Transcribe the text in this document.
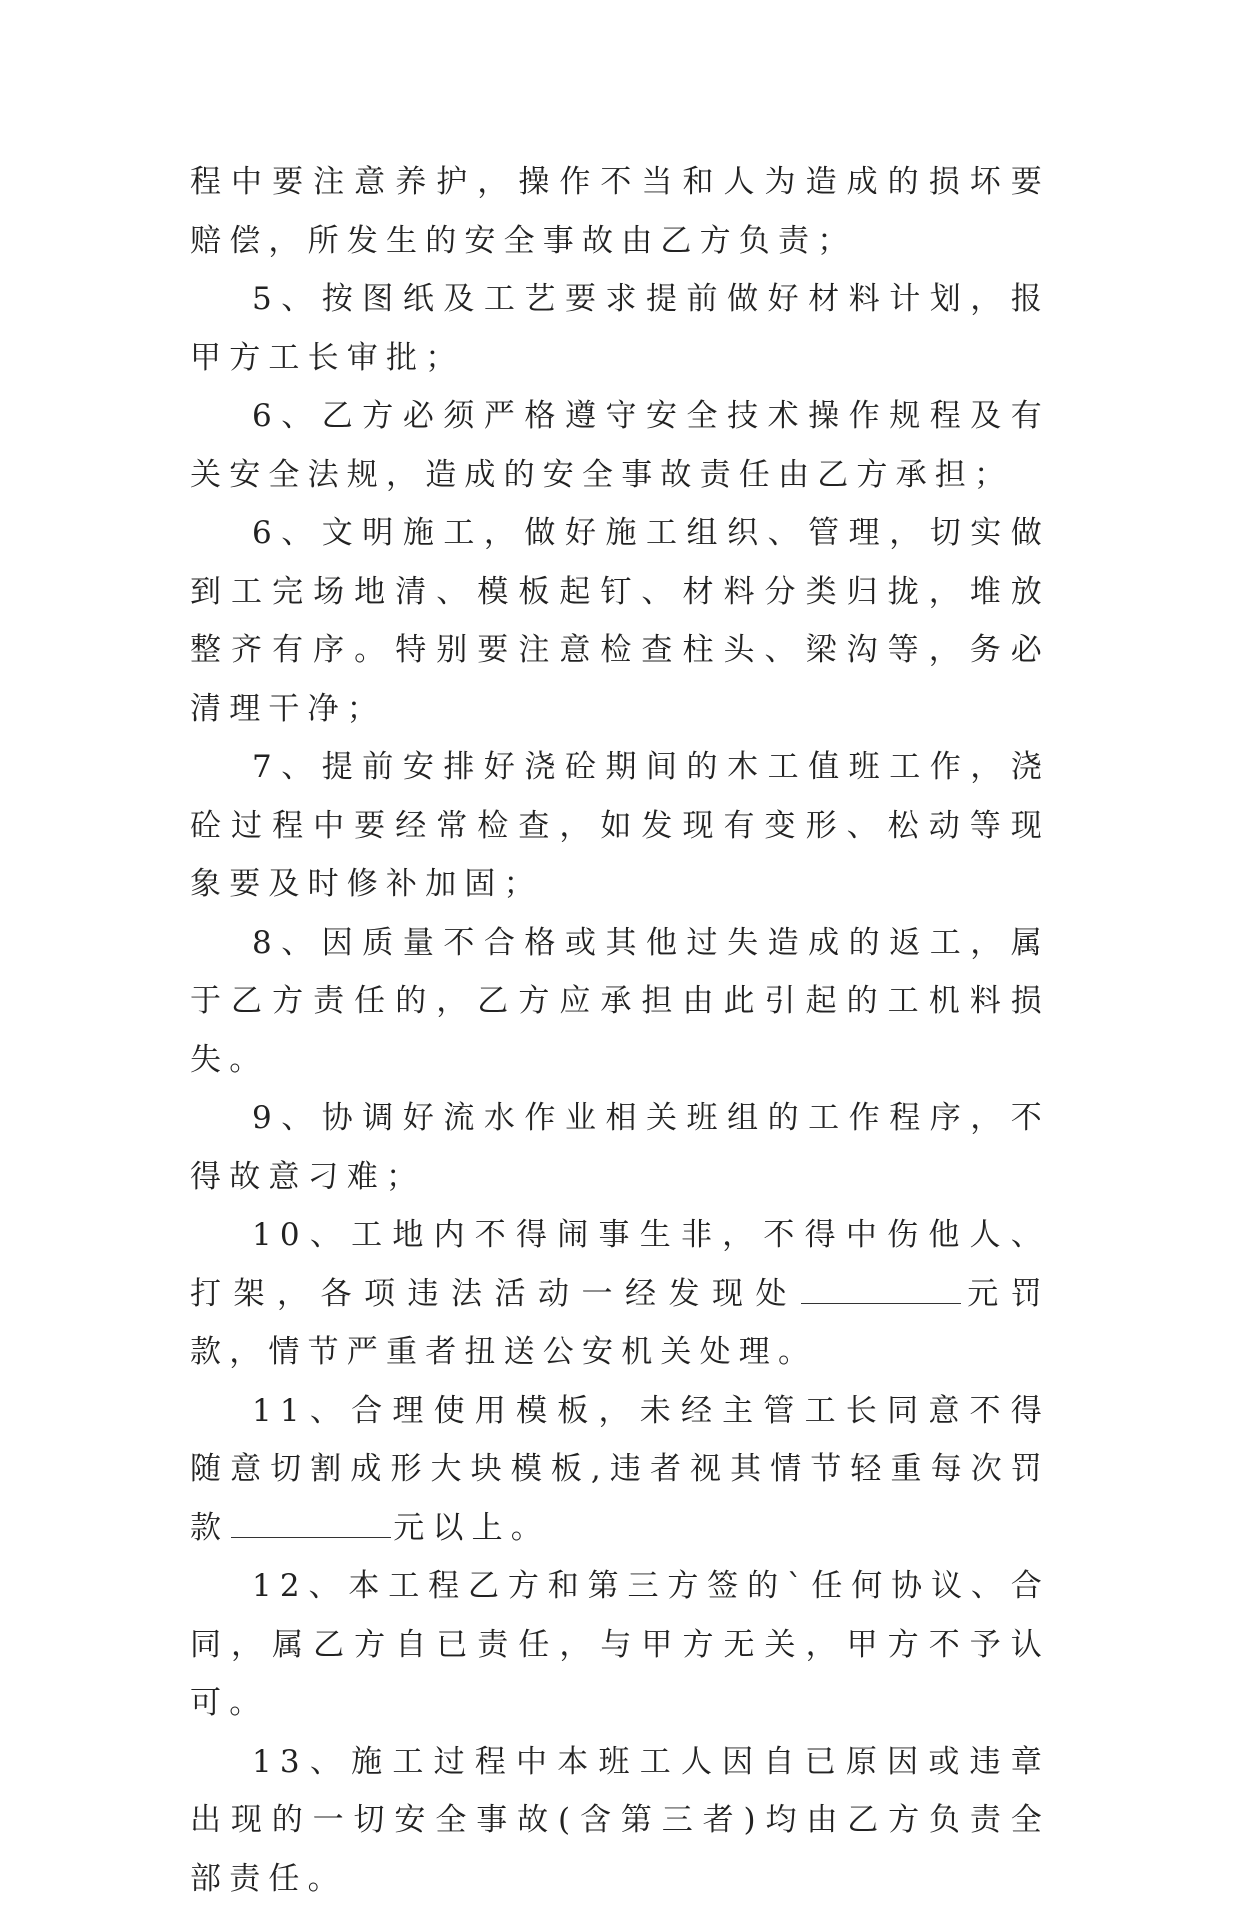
程中要注意养护，操作不当和人为造成的损坏要赔偿，所发生的安全事故由乙方负责；

5、按图纸及工艺要求提前做好材料计划，报甲方工长审批；

6、乙方必须严格遵守安全技术操作规程及有关安全法规，造成的安全事故责任由乙方承担；

6、文明施工，做好施工组织、管理，切实做到工完场地清、模板起钉、材料分类归拢，堆放整齐有序。特别要注意检查柱头、梁沟等，务必清理干净；

7、提前安排好浇砼期间的木工值班工作，浇砼过程中要经常检查，如发现有变形、松动等现象要及时修补加固；

8、因质量不合格或其他过失造成的返工，属于乙方责任的，乙方应承担由此引起的工机料损失。

9、协调好流水作业相关班组的工作程序，不得故意刁难；

10、工地内不得闹事生非，不得中伤他人、打架，各项违法活动一经发现处	元罚款，情节严重者扭送公安机关处理。

11、合理使用模板，未经主管工长同意不得随意切割成形大块模板,违者视其情节轻重每次罚款	元以上。

12、本工程乙方和第三方签的`任何协议、合同，属乙方自已责任，与甲方无关，甲方不予认可。

13、施工过程中本班工人因自已原因或违章出现的一切安全事故(含第三者)均由乙方负责全部责任。
